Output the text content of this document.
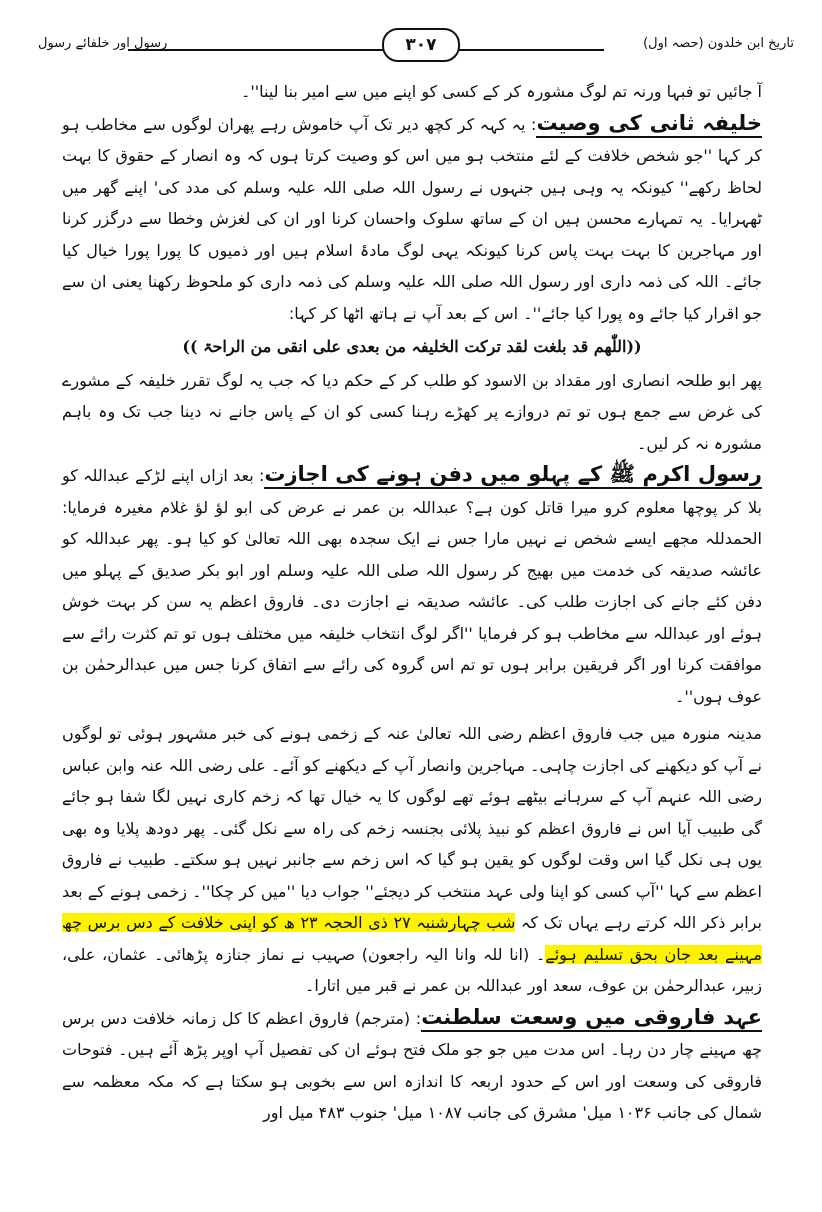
تاریخ ابن خلدون (حصہ اول)
۳۰۷
رسول اور خلفائے رسول

آ جائیں تو فبہا ورنہ تم لوگ مشورہ کر کے کسی کو اپنے میں سے امیر بنا لینا''۔

خلیفہ ثانی کی وصیت: یہ کہہ کر کچھ دیر تک آپ خاموش رہے پھران لوگوں سے مخاطب ہو کر کہا ''جو شخص خلافت کے لئے منتخب ہو میں اس کو وصیت کرتا ہوں کہ وہ انصار کے حقوق کا بہت لحاظ رکھے'' کیونکہ یہ وہی ہیں جنہوں نے رسول اللہ صلی اللہ علیہ وسلم کی مدد کی' اپنے گھر میں ٹھہرایا۔ یہ تمہارے محسن ہیں ان کے ساتھ سلوک واحسان کرنا اور ان کی لغزش وخطا سے درگزر کرنا اور مہاجرین کا بہت بہت پاس کرنا کیونکہ یہی لوگ مادۂ اسلام ہیں اور ذمیوں کا پورا پورا خیال کیا جائے۔ اللہ کی ذمہ داری اور رسول اللہ صلی اللہ علیہ وسلم کی ذمہ داری کو ملحوظ رکھنا یعنی ان سے جو اقرار کیا جائے وہ پورا کیا جائے''۔ اس کے بعد آپ نے ہاتھ اٹھا کر کہا:

((اللّٰھم قد بلغت لقد ترکت الخلیفہ من بعدی علی انقی من الراحۃ ))

پھر ابو طلحہ انصاری اور مقداد بن الاسود کو طلب کر کے حکم دیا کہ جب یہ لوگ تقرر خلیفہ کے مشورے کی غرض سے جمع ہوں تو تم دروازے پر کھڑے رہنا کسی کو ان کے پاس جانے نہ دینا جب تک وہ باہم مشورہ نہ کر لیں۔

رسول اکرم ﷺ کے پہلو میں دفن ہونے کی اجازت: بعد ازاں اپنے لڑکے عبداللہ کو بلا کر پوچھا معلوم کرو میرا قاتل کون ہے؟ عبداللہ بن عمر نے عرض کی ابو لؤ لؤ غلام مغیرہ فرمایا: الحمدللہ مجھے ایسے شخص نے نہیں مارا جس نے ایک سجدہ بھی اللہ تعالیٰ کو کیا ہو۔ پھر عبداللہ کو عائشہ صدیقہ کی خدمت میں بھیج کر رسول اللہ صلی اللہ علیہ وسلم اور ابو بکر صدیق کے پہلو میں دفن کئے جانے کی اجازت طلب کی۔ عائشہ صدیقہ نے اجازت دی۔ فاروق اعظم یہ سن کر بہت خوش ہوئے اور عبداللہ سے مخاطب ہو کر فرمایا ''اگر لوگ انتخاب خلیفہ میں مختلف ہوں تو تم کثرت رائے سے موافقت کرنا اور اگر فریقین برابر ہوں تو تم اس گروہ کی رائے سے اتفاق کرنا جس میں عبدالرحمٰن بن عوف ہوں''۔

مدینہ منورہ میں جب فاروق اعظم رضی اللہ تعالیٰ عنہ کے زخمی ہونے کی خبر مشہور ہوئی تو لوگوں نے آپ کو دیکھنے کی اجازت چاہی۔ مہاجرین وانصار آپ کے دیکھنے کو آئے۔ علی رضی اللہ عنہ وابن عباس رضی اللہ عنہم آپ کے سرہانے بیٹھے ہوئے تھے لوگوں کا یہ خیال تھا کہ زخم کاری نہیں لگا شفا ہو جائے گی طبیب آیا اس نے فاروق اعظم کو نبیذ پلائی بجنسہ زخم کی راہ سے نکل گئی۔ پھر دودھ پلایا وہ بھی یوں ہی نکل گیا اس وقت لوگوں کو یقین ہو گیا کہ اس زخم سے جانبر نہیں ہو سکتے۔ طبیب نے فاروق اعظم سے کہا ''آپ کسی کو اپنا ولی عہد منتخب کر دیجئے'' جواب دیا ''میں کر چکا''۔ زخمی ہونے کے بعد برابر ذکر اللہ کرتے رہے یہاں تک کہ شب چہارشنبہ ۲۷ ذی الحجہ ۲۳ ھ کو اپنی خلافت کے دس برس چھ مہینے بعد جان بحق تسلیم ہوئے۔ (انا للہ وانا الیہ راجعون) صہیب نے نماز جنازہ پڑھائی۔ عثمان، علی، زبیر، عبدالرحمٰن بن عوف، سعد اور عبداللہ بن عمر نے قبر میں اتارا۔

عہد فاروقی میں وسعت سلطنت: (مترجم) فاروق اعظم کا کل زمانہ خلافت دس برس چھ مہینے چار دن رہا۔ اس مدت میں جو جو ملک فتح ہوئے ان کی تفصیل آپ اوپر پڑھ آئے ہیں۔ فتوحات فاروقی کی وسعت اور اس کے حدود اربعہ کا اندازہ اس سے بخوبی ہو سکتا ہے کہ مکہ معظمہ سے شمال کی جانب ۱۰۳۶ میل' مشرق کی جانب ۱۰۸۷ میل' جنوب ۴۸۳ میل اور
